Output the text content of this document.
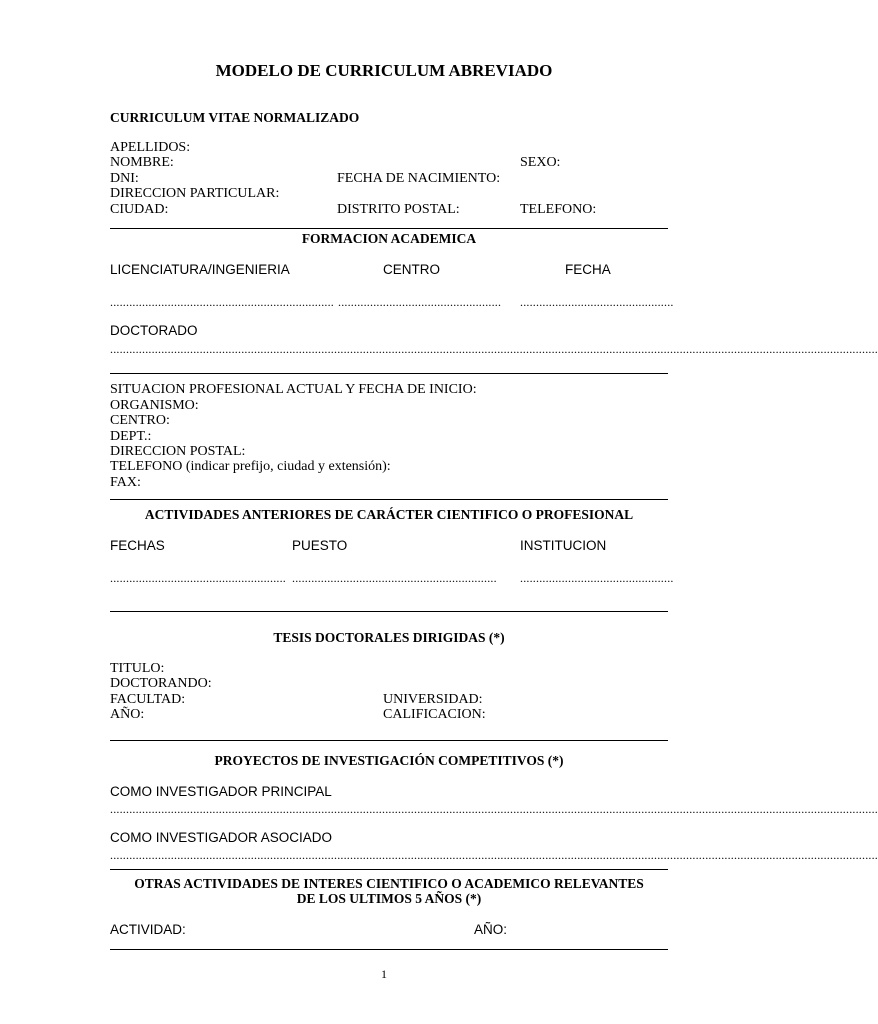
MODELO DE CURRICULUM ABREVIADO
CURRICULUM VITAE NORMALIZADO
APELLIDOS:
NOMBRE:	SEXO:
DNI:	FECHA DE NACIMIENTO:
DIRECCION PARTICULAR:
CIUDAD:	DISTRITO POSTAL:	TELEFONO:
FORMACION ACADEMICA
LICENCIATURA/INGENIERIA	CENTRO	FECHA
...................................................................... ................................................... ................................................
DOCTORADO
................................................................................................................................................................................................................................................
SITUACION PROFESIONAL ACTUAL Y FECHA DE INICIO:
ORGANISMO:
CENTRO:
DEPT.:
DIRECCION POSTAL:
TELEFONO (indicar prefijo, ciudad y extensión):
FAX:
ACTIVIDADES ANTERIORES DE CARÁCTER CIENTIFICO O PROFESIONAL
FECHAS	PUESTO	INSTITUCION
....................................................... ................................................................ ................................................
TESIS DOCTORALES DIRIGIDAS (*)
TITULO:
DOCTORANDO:
FACULTAD:	UNIVERSIDAD:
AÑO:	CALIFICACION:
PROYECTOS DE INVESTIGACIÓN COMPETITIVOS (*)
COMO INVESTIGADOR PRINCIPAL
................................................................................................................................................................................................................................................
COMO INVESTIGADOR ASOCIADO
................................................................................................................................................................................................................................................
OTRAS ACTIVIDADES DE INTERES CIENTIFICO O ACADEMICO RELEVANTES
DE LOS ULTIMOS 5 AÑOS (*)
ACTIVIDAD:	AÑO:
1
